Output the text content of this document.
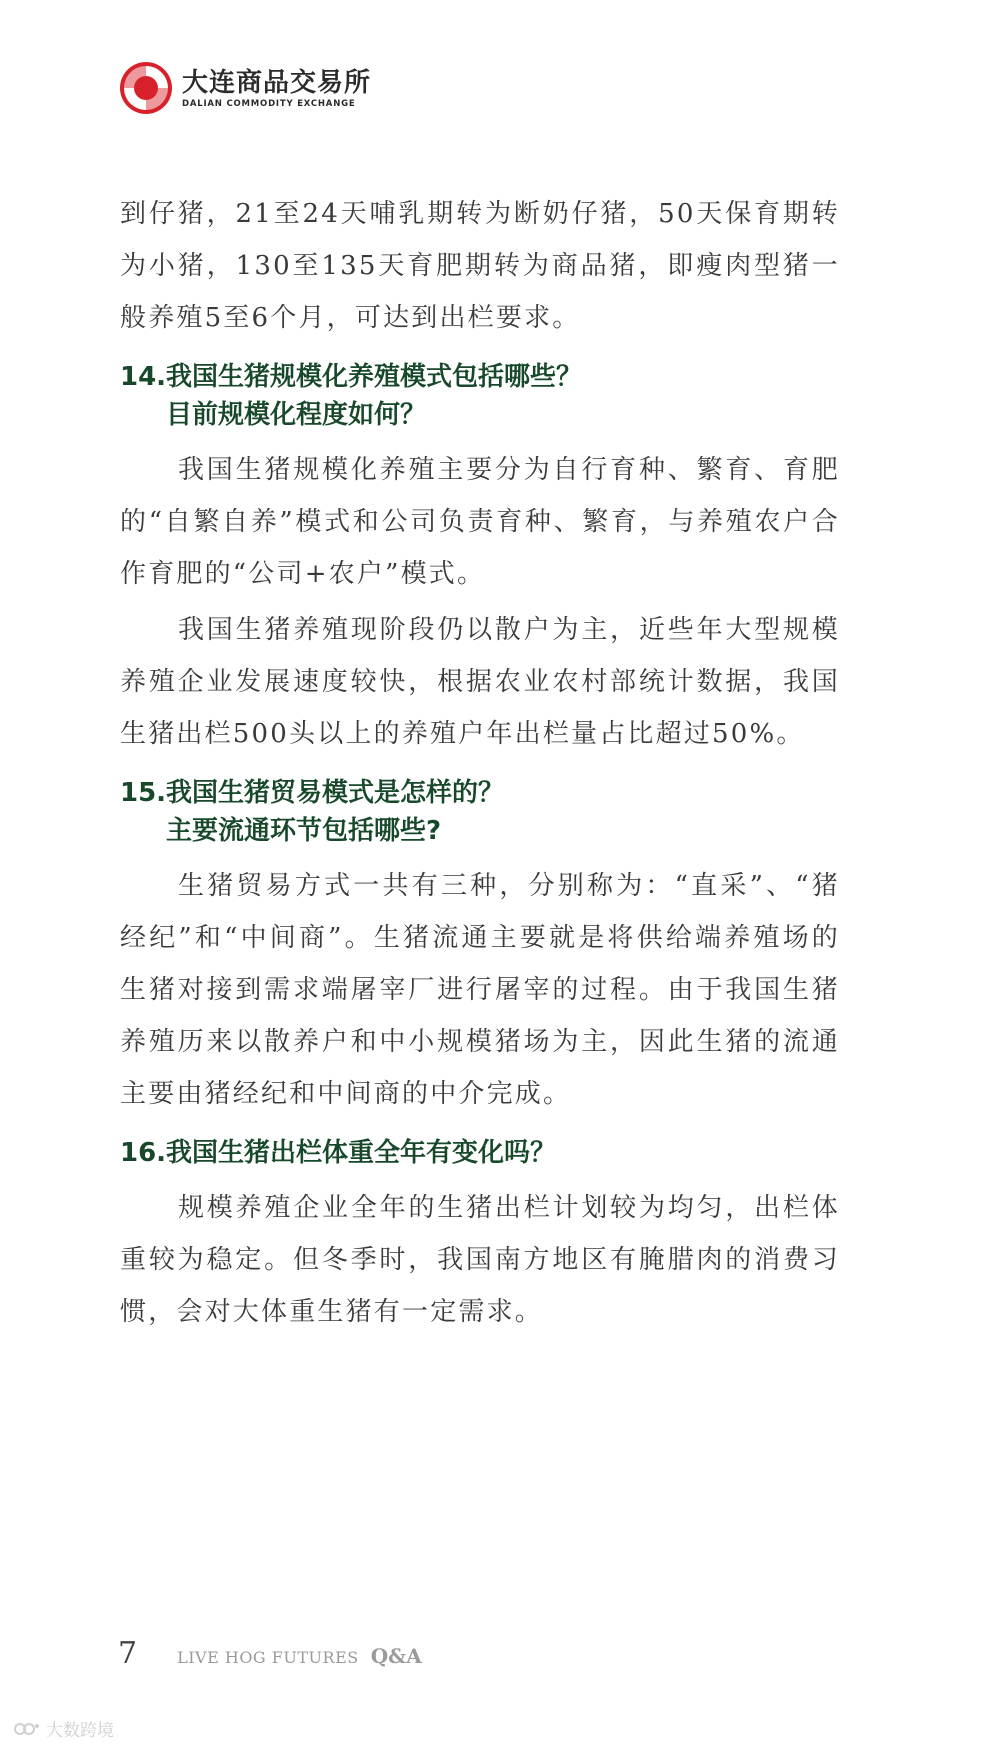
大连商品交易所
DALIAN COMMODITY EXCHANGE

到仔猪，21至24天哺乳期转为断奶仔猪，50天保育期转为小猪，130至135天育肥期转为商品猪，即瘦肉型猪一般养殖5至6个月，可达到出栏要求。

14.我国生猪规模化养殖模式包括哪些？
目前规模化程度如何？

我国生猪规模化养殖主要分为自行育种、繁育、育肥的“自繁自养”模式和公司负责育种、繁育，与养殖农户合作育肥的“公司+农户”模式。

我国生猪养殖现阶段仍以散户为主，近些年大型规模养殖企业发展速度较快，根据农业农村部统计数据，我国生猪出栏500头以上的养殖户年出栏量占比超过50%。

15.我国生猪贸易模式是怎样的？
主要流通环节包括哪些?

生猪贸易方式一共有三种，分别称为：“直采”、“猪经纪”和“中间商”。生猪流通主要就是将供给端养殖场的生猪对接到需求端屠宰厂进行屠宰的过程。由于我国生猪养殖历来以散养户和中小规模猪场为主，因此生猪的流通主要由猪经纪和中间商的中介完成。

16.我国生猪出栏体重全年有变化吗？

规模养殖企业全年的生猪出栏计划较为均匀，出栏体重较为稳定。但冬季时，我国南方地区有腌腊肉的消费习惯，会对大体重生猪有一定需求。

7	LIVE HOG FUTURES Q&A
大数跨境
